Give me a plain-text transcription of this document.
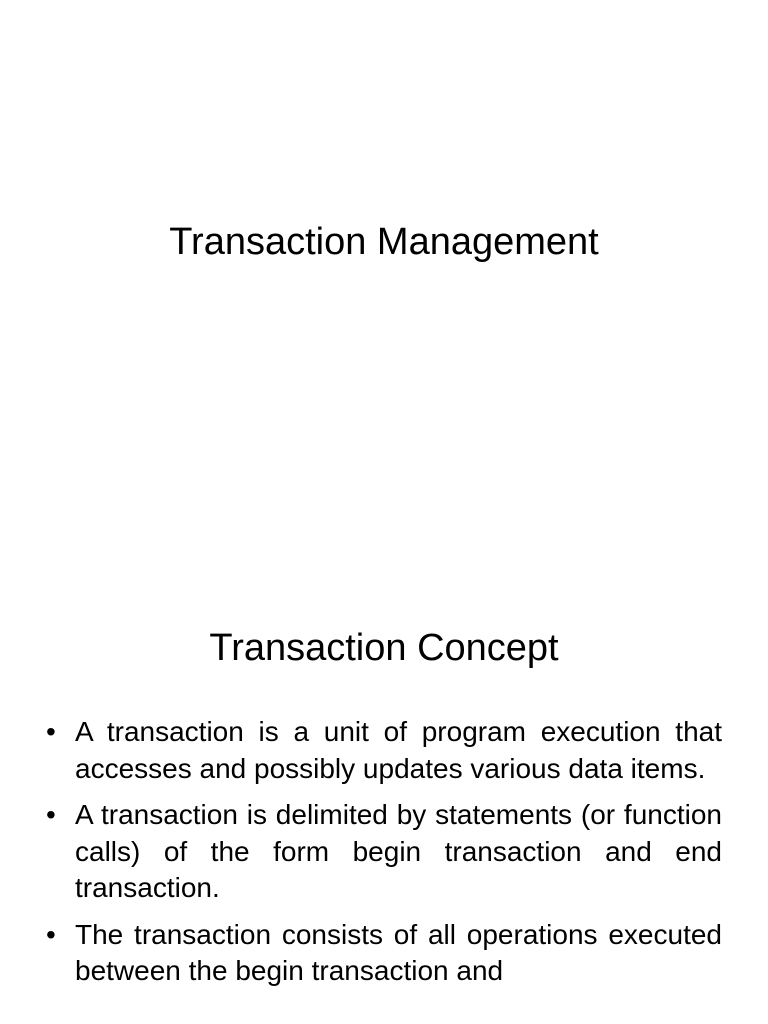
Transaction Management
Transaction Concept
• A transaction is a unit of program execution that accesses and possibly updates various data items.
• A transaction is delimited by statements (or function calls) of the form begin transaction and end transaction.
• The transaction consists of all operations executed between the begin transaction and
